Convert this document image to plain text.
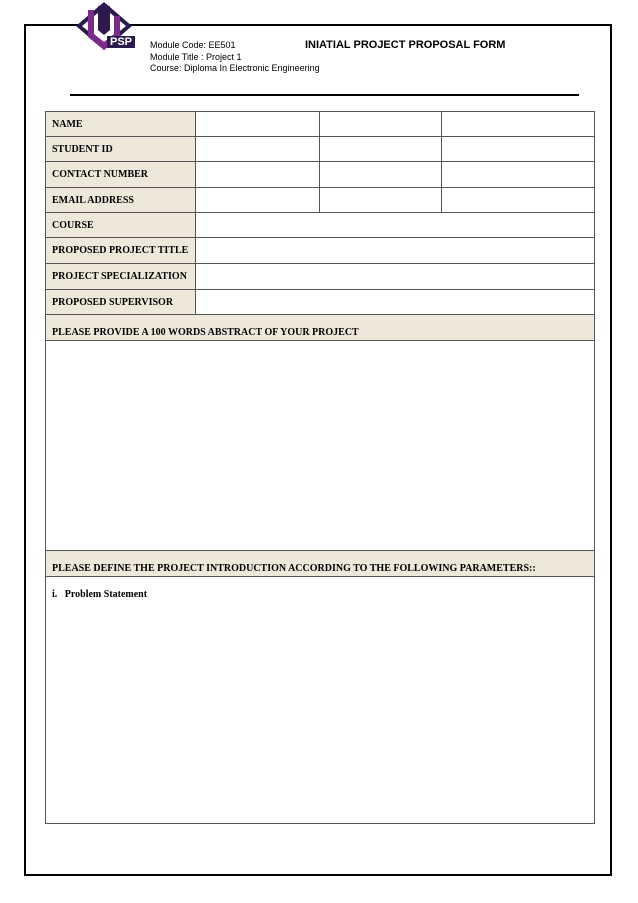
PSP	Module Code: EE501
Module Title : Project 1
Course: Diploma In Electronic Engineering
INIATIAL PROJECT PROPOSAL FORM
NAME			
STUDENT ID			
CONTACT NUMBER			
EMAIL ADDRESS			
COURSE			
PROPOSED PROJECT TITLE			
PROJECT SPECIALIZATION			
PROPOSED SUPERVISOR			
PLEASE PROVIDE A 100 WORDS ABSTRACT OF YOUR PROJECT			

PLEASE DEFINE THE PROJECT INTRODUCTION ACCORDING TO THE FOLLOWING PARAMETERS::			
i.   Problem Statement			
